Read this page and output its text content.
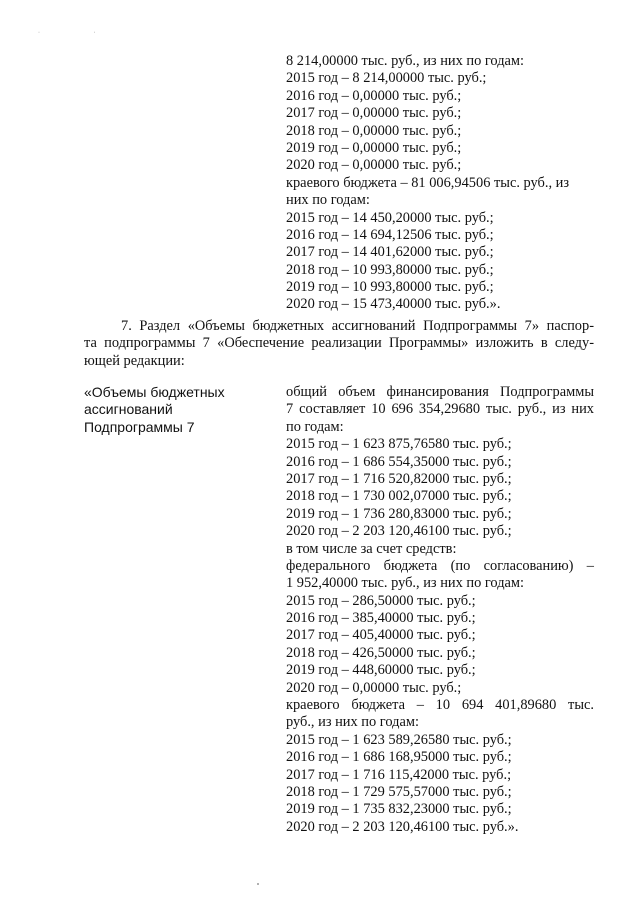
· ·
8 214,00000 тыс. руб., из них по годам:
2015 год – 8 214,00000 тыс. руб.;
2016 год – 0,00000 тыс. руб.;
2017 год – 0,00000 тыс. руб.;
2018 год – 0,00000 тыс. руб.;
2019 год – 0,00000 тыс. руб.;
2020 год – 0,00000 тыс. руб.;
краевого бюджета – 81 006,94506 тыс. руб., из
них по годам:
2015 год – 14 450,20000 тыс. руб.;
2016 год – 14 694,12506 тыс. руб.;
2017 год – 14 401,62000 тыс. руб.;
2018 год – 10 993,80000 тыс. руб.;
2019 год – 10 993,80000 тыс. руб.;
2020 год – 15 473,40000 тыс. руб.».
7. Раздел «Объемы бюджетных ассигнований Подпрограммы 7» паспор-
та подпрограммы 7 «Обеспечение реализации Программы» изложить в следу-
ющей редакции:
«Объемы бюджетных
ассигнований
Подпрограммы 7
общий объем финансирования Подпрограммы
7 составляет 10 696 354,29680 тыс. руб., из них
по годам:
2015 год – 1 623 875,76580 тыс. руб.;
2016 год – 1 686 554,35000 тыс. руб.;
2017 год – 1 716 520,82000 тыс. руб.;
2018 год – 1 730 002,07000 тыс. руб.;
2019 год – 1 736 280,83000 тыс. руб.;
2020 год – 2 203 120,46100 тыс. руб.;
в том числе за счет средств:
федерального бюджета (по согласованию) –
1 952,40000 тыс. руб., из них по годам:
2015 год – 286,50000 тыс. руб.;
2016 год – 385,40000 тыс. руб.;
2017 год – 405,40000 тыс. руб.;
2018 год – 426,50000 тыс. руб.;
2019 год – 448,60000 тыс. руб.;
2020 год – 0,00000 тыс. руб.;
краевого бюджета – 10 694 401,89680 тыс.
руб., из них по годам:
2015 год – 1 623 589,26580 тыс. руб.;
2016 год – 1 686 168,95000 тыс. руб.;
2017 год – 1 716 115,42000 тыс. руб.;
2018 год – 1 729 575,57000 тыс. руб.;
2019 год – 1 735 832,23000 тыс. руб.;
2020 год – 2 203 120,46100 тыс. руб.».
